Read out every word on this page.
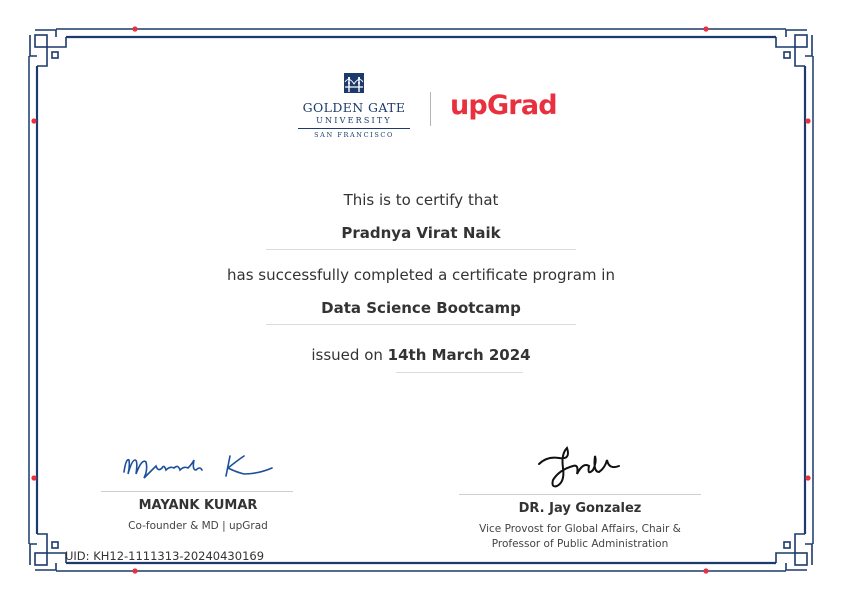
GOLDEN GATE
UNIVERSITY
SAN FRANCISCO
upGrad
This is to certify that
Pradnya Virat Naik
has successfully completed a certificate program in
Data Science Bootcamp
issued on 14th March 2024
MAYANK KUMAR
Co-founder & MD | upGrad
DR. Jay Gonzalez
Vice Provost for Global Affairs, Chair &
Professor of Public Administration
UID: KH12-1111313-20240430169
